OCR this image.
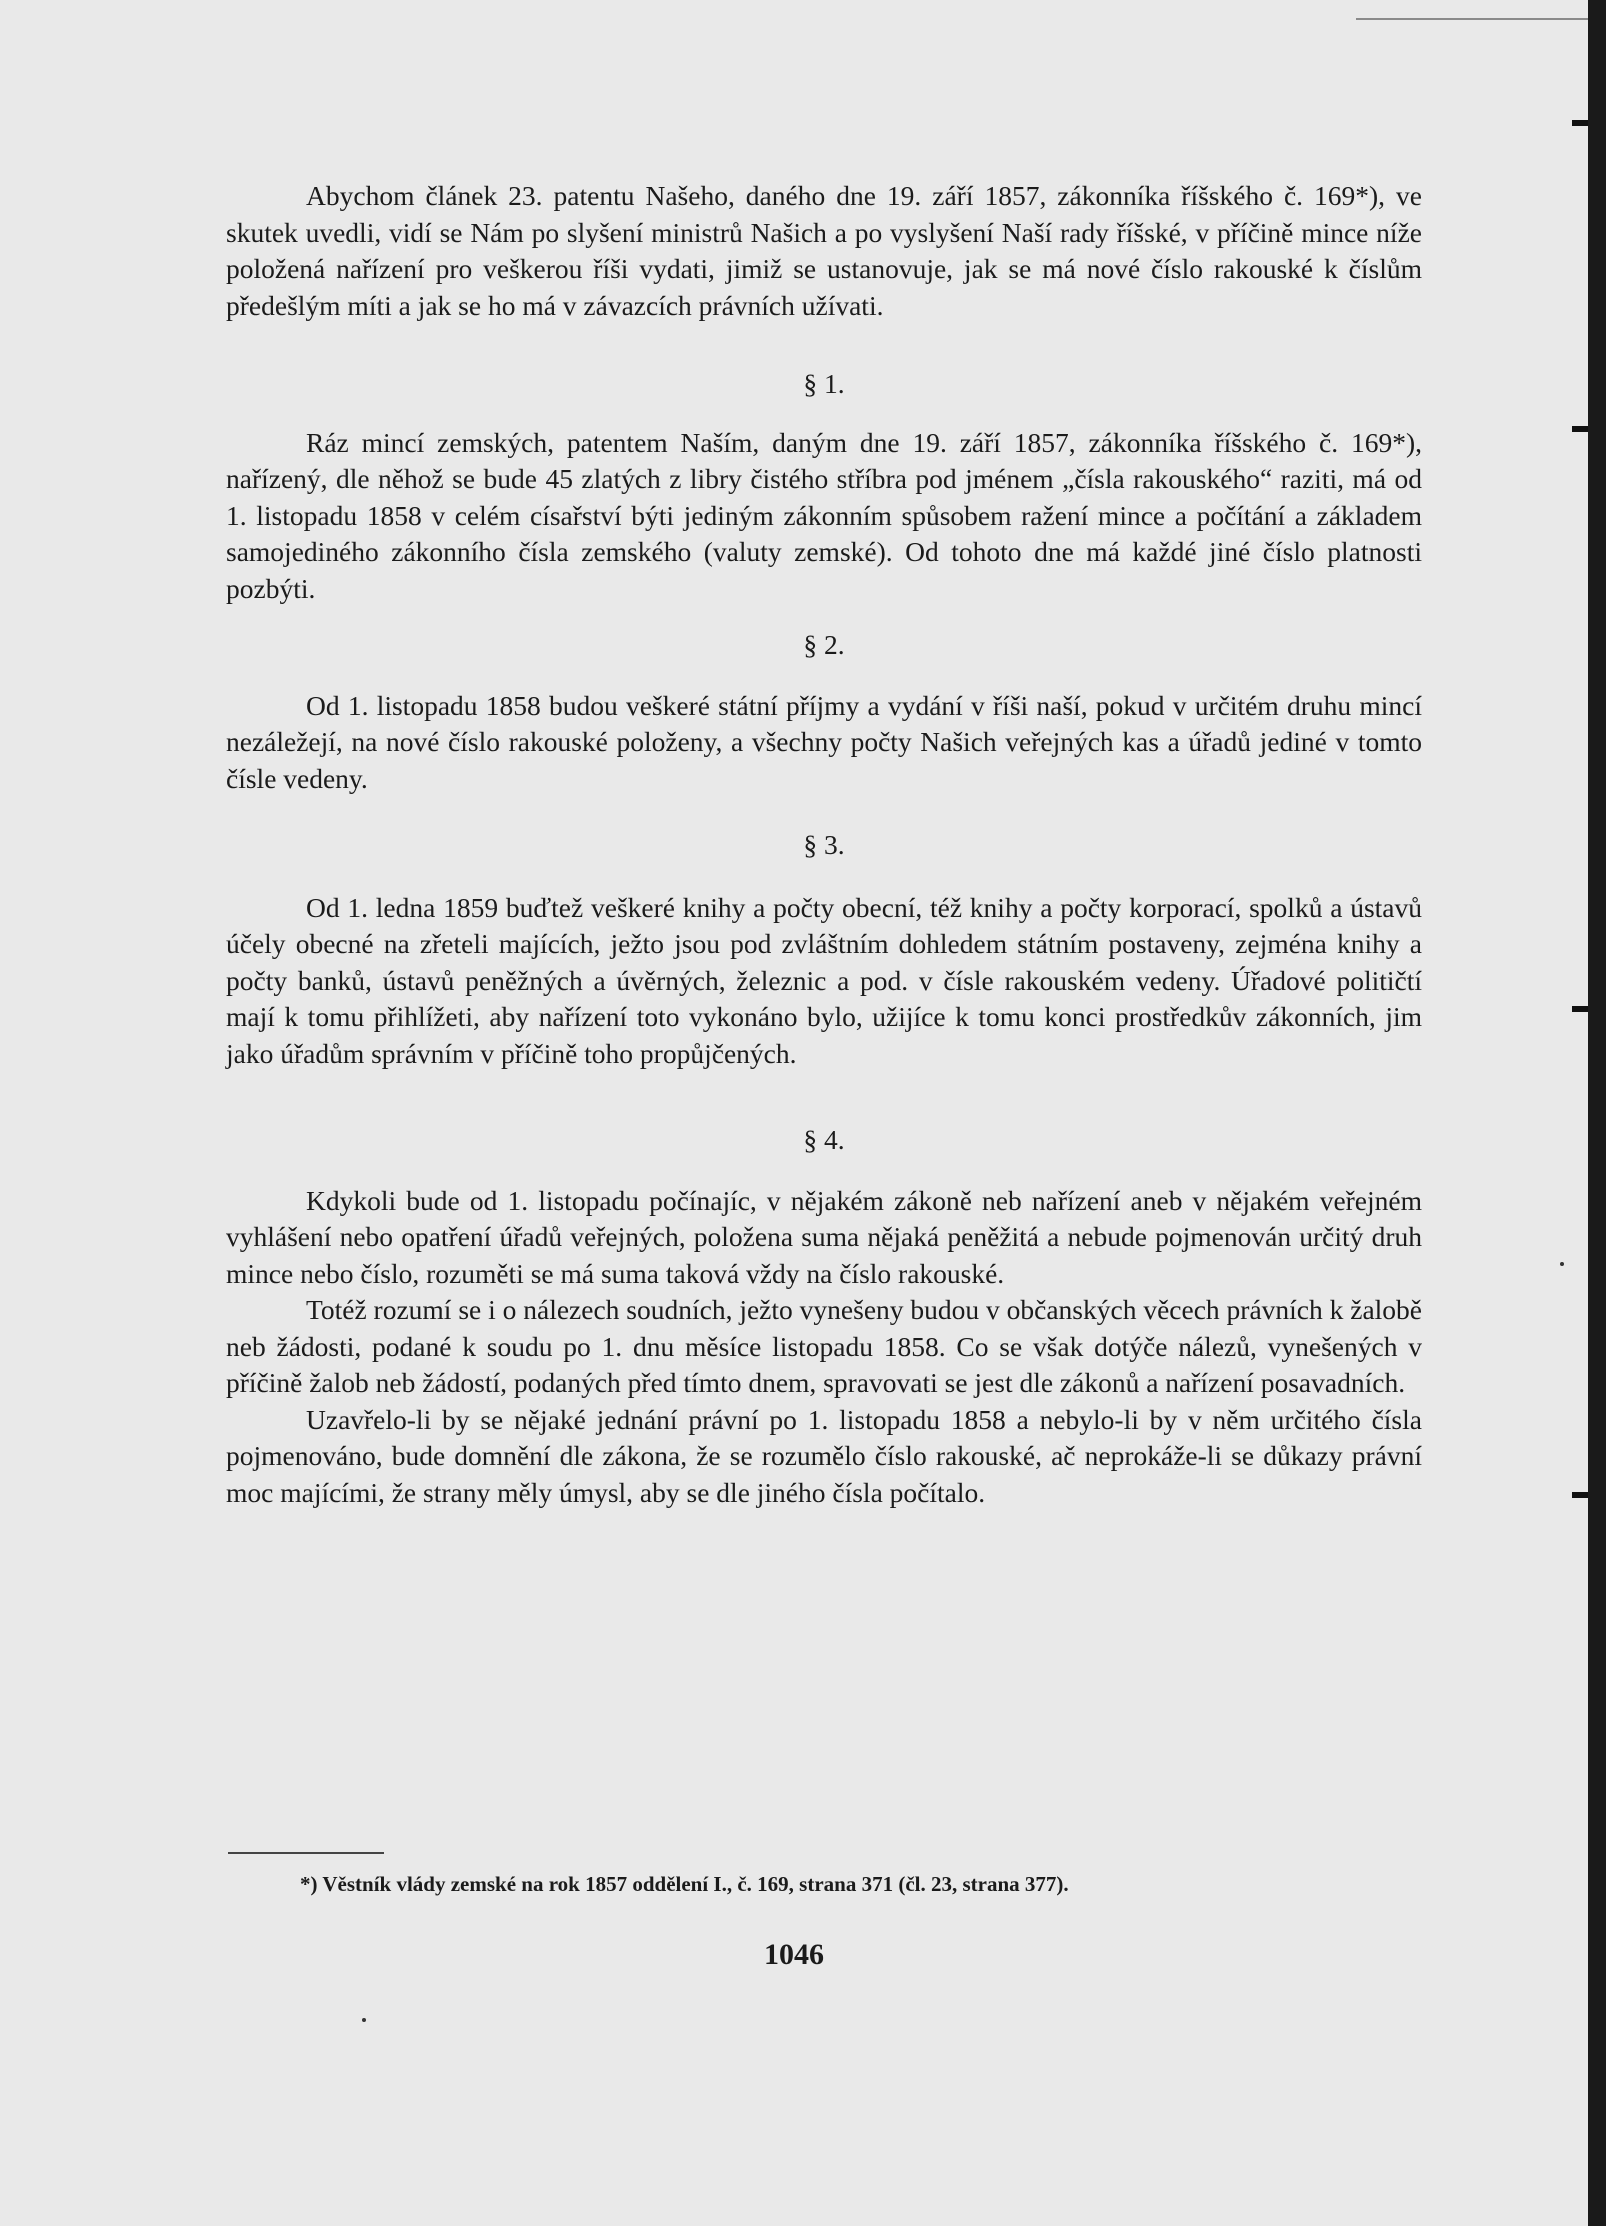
Abychom článek 23. patentu Našeho, daného dne 19. září 1857, zákonníka říšského č. 169*), ve skutek uvedli, vidí se Nám po slyšení ministrů Našich a po vyslyšení Naší rady říšské, v příčině mince níže položená nařízení pro veškerou říši vydati, jimiž se ustanovuje, jak se má nové číslo rakouské k číslům předešlým míti a jak se ho má v závazcích právních užívati.

§ 1.

Ráz mincí zemských, patentem Naším, daným dne 19. září 1857, zákonníka říšského č. 169*), nařízený, dle něhož se bude 45 zlatých z libry čistého stříbra pod jménem „čísla rakouského“ raziti, má od 1. listopadu 1858 v celém císařství býti jediným zákonním spůsobem ražení mince a počítání a základem samojediného zákonního čísla zemského (valuty zemské). Od tohoto dne má každé jiné číslo platnosti pozbýti.

§ 2.

Od 1. listopadu 1858 budou veškeré státní příjmy a vydání v říši naší, pokud v určitém druhu mincí nezáležejí, na nové číslo rakouské položeny, a všechny počty Našich veřejných kas a úřadů jediné v tomto čísle vedeny.

§ 3.

Od 1. ledna 1859 buďtež veškeré knihy a počty obecní, též knihy a počty korporací, spolků a ústavů účely obecné na zřeteli majících, ježto jsou pod zvláštním dohledem státním postaveny, zejména knihy a počty banků, ústavů peněžných a úvěrných, železnic a pod. v čísle rakouském vedeny. Úřadové političtí mají k tomu přihlížeti, aby nařízení toto vykonáno bylo, užijíce k tomu konci prostředkův zákonních, jim jako úřadům správním v příčině toho propůjčených.

§ 4.

Kdykoli bude od 1. listopadu počínajíc, v nějakém zákoně neb nařízení aneb v nějakém veřejném vyhlášení nebo opatření úřadů veřejných, položena suma nějaká peněžitá a nebude pojmenován určitý druh mince nebo číslo, rozuměti se má suma taková vždy na číslo rakouské.

Totéž rozumí se i o nálezech soudních, ježto vynešeny budou v občanských věcech právních k žalobě neb žádosti, podané k soudu po 1. dnu měsíce listopadu 1858. Co se však dotýče nálezů, vynešených v příčině žalob neb žádostí, podaných před tímto dnem, spravovati se jest dle zákonů a nařízení posavadních.

Uzavřelo-li by se nějaké jednání právní po 1. listopadu 1858 a nebylo-li by v něm určitého čísla pojmenováno, bude domnění dle zákona, že se rozumělo číslo rakouské, ač neprokáže-li se důkazy právní moc majícími, že strany měly úmysl, aby se dle jiného čísla počítalo.

*) Věstník vlády zemské na rok 1857 oddělení I., č. 169, strana 371 (čl. 23, strana 377).
1046
